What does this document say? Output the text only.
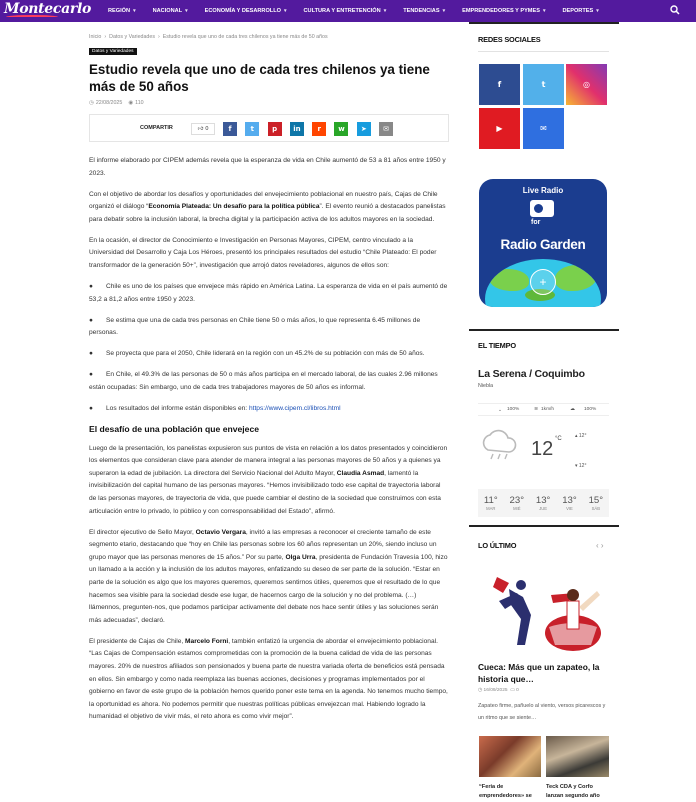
Montecarlo	REGIÓN ▾	NACIONAL ▾	ECONOMÍA Y DESARROLLO ▾	CULTURA Y ENTRETENCIÓN ▾	TENDENCIAS ▾	EMPRENDEDORES Y PYMES ▾	DEPORTES ▾
Inicio › Datos y Variedades › Estudio revela que uno de cada tres chilenos ya tiene más de 50 años
Datos y Variedades
Estudio revela que uno de cada tres chilenos ya tiene más de 50 años
◷ 22/08/2025 ◉ 110
COMPARTIR	👍︎ 0	f	t	p	in	r	w	➤	✉

El informe elaborado por CIPEM además revela que la esperanza de vida en Chile aumentó de 53 a 81 años entre 1950 y 2023.

Con el objetivo de abordar los desafíos y oportunidades del envejecimiento poblacional en nuestro país, Cajas de Chile organizó el diálogo “Economía Plateada: Un desafío para la política pública”. El evento reunió a destacados panelistas para debatir sobre la inclusión laboral, la brecha digital y la participación activa de los adultos mayores en la sociedad.

En la ocasión, el director de Conocimiento e Investigación en Personas Mayores, CIPEM, centro vinculado a la Universidad del Desarrollo y Caja Los Héroes, presentó los principales resultados del estudio “Chile Plateado: El poder transformador de la generación 50+”, investigación que arrojó datos reveladores, algunos de ellos son:

● Chile es uno de los países que envejece más rápido en América Latina. La esperanza de vida en el país aumentó de 53,2 a 81,2 años entre 1950 y 2023.
● Se estima que una de cada tres personas en Chile tiene 50 o más años, lo que representa 6.45 millones de personas.
● Se proyecta que para el 2050, Chile liderará en la región con un 45.2% de su población con más de 50 años.
● En Chile, el 49.3% de las personas de 50 o más años participa en el mercado laboral, de las cuales 2.96 millones están ocupadas: Sin embargo, uno de cada tres trabajadores mayores de 50 años es informal.
● Los resultados del informe están disponibles en: https://www.cipem.cl/libros.html
El desafío de una población que envejece

Luego de la presentación, los panelistas expusieron sus puntos de vista en relación a los datos presentados y coincidieron los elementos que consideran clave para atender de manera integral a las personas mayores de 50 años y a quienes ya superaron la edad de jubilación. La directora del Servicio Nacional del Adulto Mayor, Claudia Asmad, lamentó la invisibilización del capital humano de las personas mayores. “Hemos invisibilizado todo ese capital de trayectoria laboral de las personas mayores, de trayectoria de vida, que puede cambiar el destino de la sociedad que construimos con esta articulación entre lo privado, lo público y con corresponsabilidad del Estado”, afirmó.

El director ejecutivo de Sello Mayor, Octavio Vergara, invitó a las empresas a reconocer el creciente tamaño de este segmento etario, destacando que “hoy en Chile las personas sobre los 60 años representan un 20%, siendo incluso un grupo mayor que las personas menores de 15 años.” Por su parte, Olga Urra, presidenta de Fundación Travesía 100, hizo un llamado a la acción y la inclusión de los adultos mayores, enfatizando su deseo de ser parte de la solución. “Estar en parte de la solución es algo que los mayores queremos, queremos sentirnos útiles, queremos que el resultado de lo que hacemos sea visible para la sociedad desde ese lugar, de hacernos cargo de la solución y no del problema. (…) llámennos, pregunten-nos, que podamos participar activamente del debate nos hace sentir útiles y las soluciones serán más adecuadas”, declaró.

El presidente de Cajas de Chile, Marcelo Forni, también enfatizó la urgencia de abordar el envejecimiento poblacional. “Las Cajas de Compensación estamos comprometidas con la promoción de la buena calidad de vida de las personas mayores. 20% de nuestros afiliados son pensionados y buena parte de nuestra variada oferta de beneficios está pensada en ellos. Sin embargo y como nada reemplaza las buenas acciones, decisiones y programas implementados por el gobierno en favor de este grupo de la población hemos querido poner este tema en la agenda. No tenemos mucho tiempo, la oportunidad es ahora. No podemos permitir que nuestras políticas públicas envejezcan mal. Habiendo logrado la humanidad el objetivo de vivir más, el reto ahora es como vivir mejor”.

REDES SOCIALES
f	t	◎
▶	✉
Live Radio
for
Radio Garden
+
EL TIEMPO
La Serena / Coquimbo
Niebla
💧︎ 100%	≋ 1km/h	☁︎ 100%
12 °C	▴ 12°
▾ 12°
11°
MAR
23°
MIÉ
13°
JUE
13°
VIE
15°
SÁB
LO ÚLTIMO	‹ ›
Cueca: Más que un zapateo, la historia que…
◷ 16/09/2025 ▭ 0
Zapateo firme, pañuelo al viento, versos picarescos y un ritmo que se siente…
“Feria de emprendedores» se
Teck CDA y Corfo lanzan segundo año
